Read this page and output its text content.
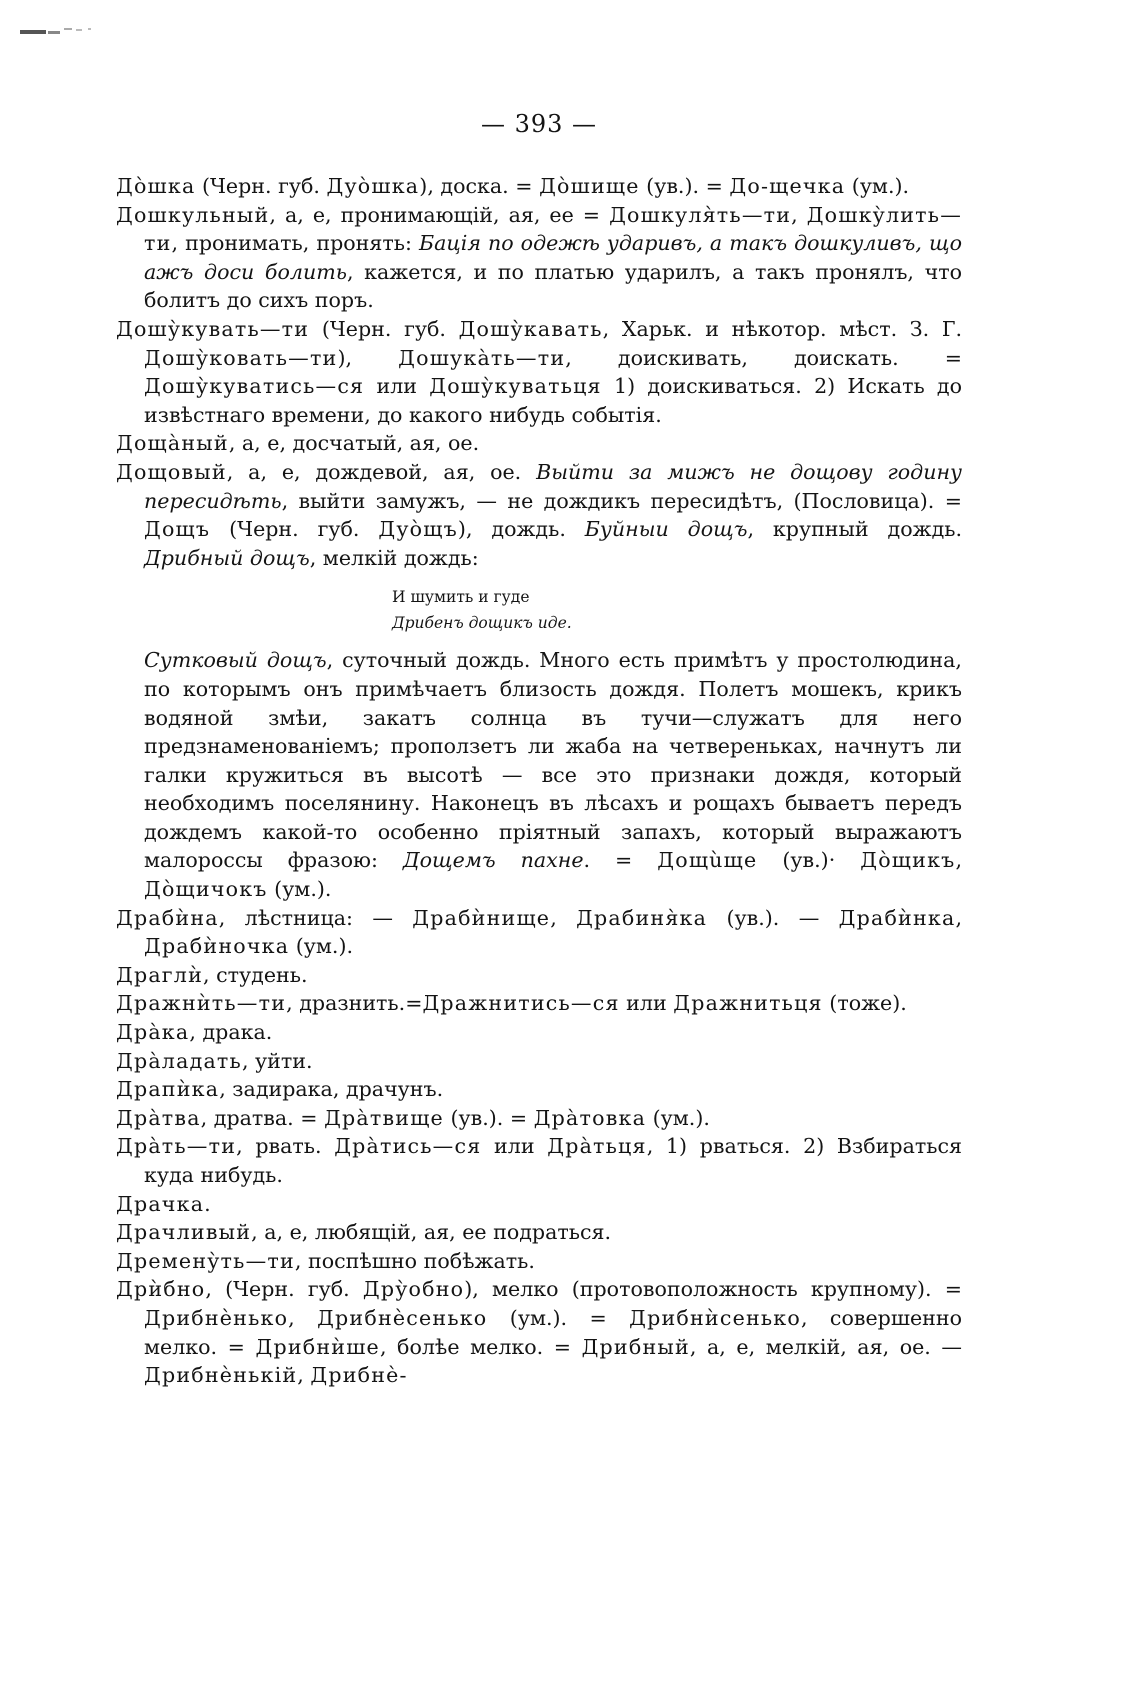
— 393 —

Дòшка (Черн. губ. Дуòшка), доска. = Дòшище (ув.). = До-щечка (ум.).

Дошкульный, а, е, пронимающій, ая, ее = Дошкуля̀ть—ти, Дошку̀лить—ти, пронимать, пронять: Бація по одежѣ ударивъ, а такъ дошкуливъ, що ажъ доси болить, кажется, и по платью ударилъ, а такъ пронялъ, что болитъ до сихъ поръ.

Дошу̀кувать—ти (Черн. губ. Дошу̀кавать, Харьк. и нѣкотор. мѣст. З. Г. Дошу̀ковать—ти), Дошука̀ть—ти, доискивать, доискать. = Дошу̀куватись—ся или Дошу̀куватьця 1) доискиваться. 2) Искать до извѣстнаго времени, до какого нибудь событія.

Доща̀ный, а, е, досчатый, ая, ое.

Дощовый, а, е, дождевой, ая, ое. Выйти за мижъ не дощову годину пересидѣть, выйти замужъ, — не дождикъ пересидѣтъ, (Пословица). = Дощъ (Черн. губ. Дуòщъ), дождь. Буйныи дощъ, крупный дождь. Дрибный дощъ, мелкій дождь:

И шумить и гуде
Дрибенъ дощикъ иде.

Сутковый дощъ, суточный дождь. Много есть примѣтъ у простолюдина, по которымъ онъ примѣчаетъ близость дождя. Полетъ мошекъ, крикъ водяной змѣи, закатъ солнца въ тучи—служатъ для него предзнаменованіемъ; проползетъ ли жаба на четвереньках, начнутъ ли галки кружиться въ высотѣ — все это признаки дождя, который необходимъ поселянину. Наконецъ въ лѣсахъ и рощахъ бываетъ передъ дождемъ какой-то особенно пріятный запахъ, который выражаютъ малороссы фразою: Дощемъ пахне. = Дощùще (ув.)· Дòщикъ, Дòщичокъ (ум.).

Драбѝна, лѣстница: — Драбѝнище, Драбиня̀ка (ув.). — Драбѝнка, Драбѝночка (ум.).

Драглѝ, студень.

Дражнѝть—ти, дразнить.=Дражнитись—ся или Дражнитьця (тоже).

Дра̀ка, драка.

Дра̀ладать, уйти.

Драпѝка, задирака, драчунъ.

Дра̀тва, дратва. = Дра̀твище (ув.). = Дра̀товка (ум.).

Дра̀ть—ти, рвать. Дра̀тись—ся или Дра̀тьця, 1) рваться. 2) Взбираться куда нибудь.

Драчка.

Драчливый, а, е, любящій, ая, ее подраться.

Дремену̀ть—ти, поспѣшно побѣжать.

Дрѝбно, (Черн. губ. Дру̀обно), мелко (протовоположность крупному). = Дрибнѐнько, Дрибнѐсенько (ум.). = Дрибнѝсенько, совершенно мелко. = Дрибнѝше, болѣе мелко. = Дрибный, а, е, мелкій, ая, ое. — Дрибнѐнькій, Дрибнѐ-
